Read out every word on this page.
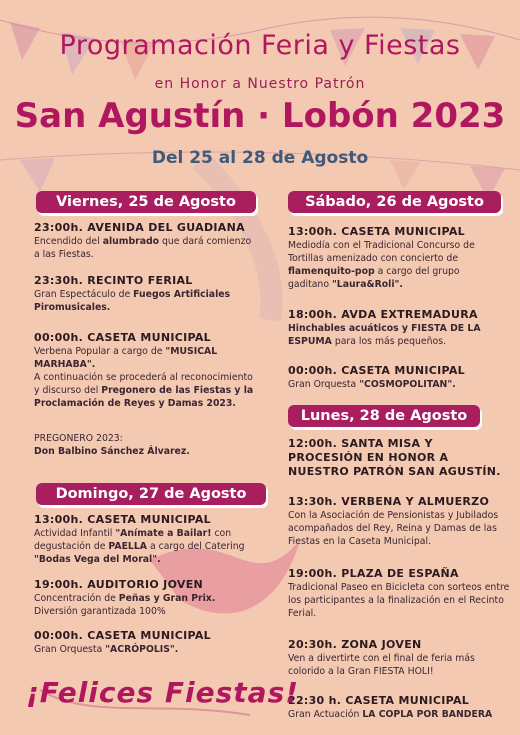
Programación Feria y Fiestas
en Honor a Nuestro Patrón
San Agustín · Lobón 2023
Del 25 al 28 de Agosto
Viernes, 25 de Agosto
23:00h. AVENIDA DEL GUADIANA
Encendido del alumbrado que dará comienzo a las Fiestas.
23:30h. RECINTO FERIAL
Gran Espectáculo de Fuegos Artificiales Piromusicales.
00:00h. CASETA MUNICIPAL
Verbena Popular a cargo de "MUSICAL MARHABA".
A continuación se procederá al reconocimiento y discurso del Pregonero de las Fiestas y la Proclamación de Reyes y Damas 2023.
PREGONERO 2023:
Don Balbino Sánchez Álvarez.
Domingo, 27 de Agosto
13:00h. CASETA MUNICIPAL
Actividad Infantil "Anímate a Bailar! con degustación de PAELLA a cargo del Catering "Bodas Vega del Moral".
19:00h. AUDITORIO JOVEN
Concentración de Peñas y Gran Prix.
Diversión garantizada 100%
00:00h. CASETA MUNICIPAL
Gran Orquesta "ACRÓPOLIS".
Sábado, 26 de Agosto
13:00h. CASETA MUNICIPAL
Mediodía con el Tradicional Concurso de Tortillas amenizado con concierto de flamenquito-pop a cargo del grupo gaditano "Laura&Roli".
18:00h. AVDA EXTREMADURA
Hinchables acuáticos y FIESTA DE LA ESPUMA para los más pequeños.
00:00h. CASETA MUNICIPAL
Gran Orquesta "COSMOPOLITAN".
Lunes, 28 de Agosto
12:00h. SANTA MISA Y PROCESIÓN EN HONOR A NUESTRO PATRÓN SAN AGUSTÍN.
13:30h. VERBENA Y ALMUERZO
Con la Asociación de Pensionistas y Jubilados acompañados del Rey, Reina y Damas de las Fiestas en la Caseta Municipal.
19:00h. PLAZA DE ESPAÑA
Tradicional Paseo en Bicicleta con sorteos entre los participantes a la finalización en el Recinto Ferial.
20:30h. ZONA JOVEN
Ven a divertirte con el final de feria más colorido a la Gran FIESTA HOLI!
22:30 h. CASETA MUNICIPAL
Gran Actuación LA COPLA POR BANDERA
¡Felices Fiestas!
